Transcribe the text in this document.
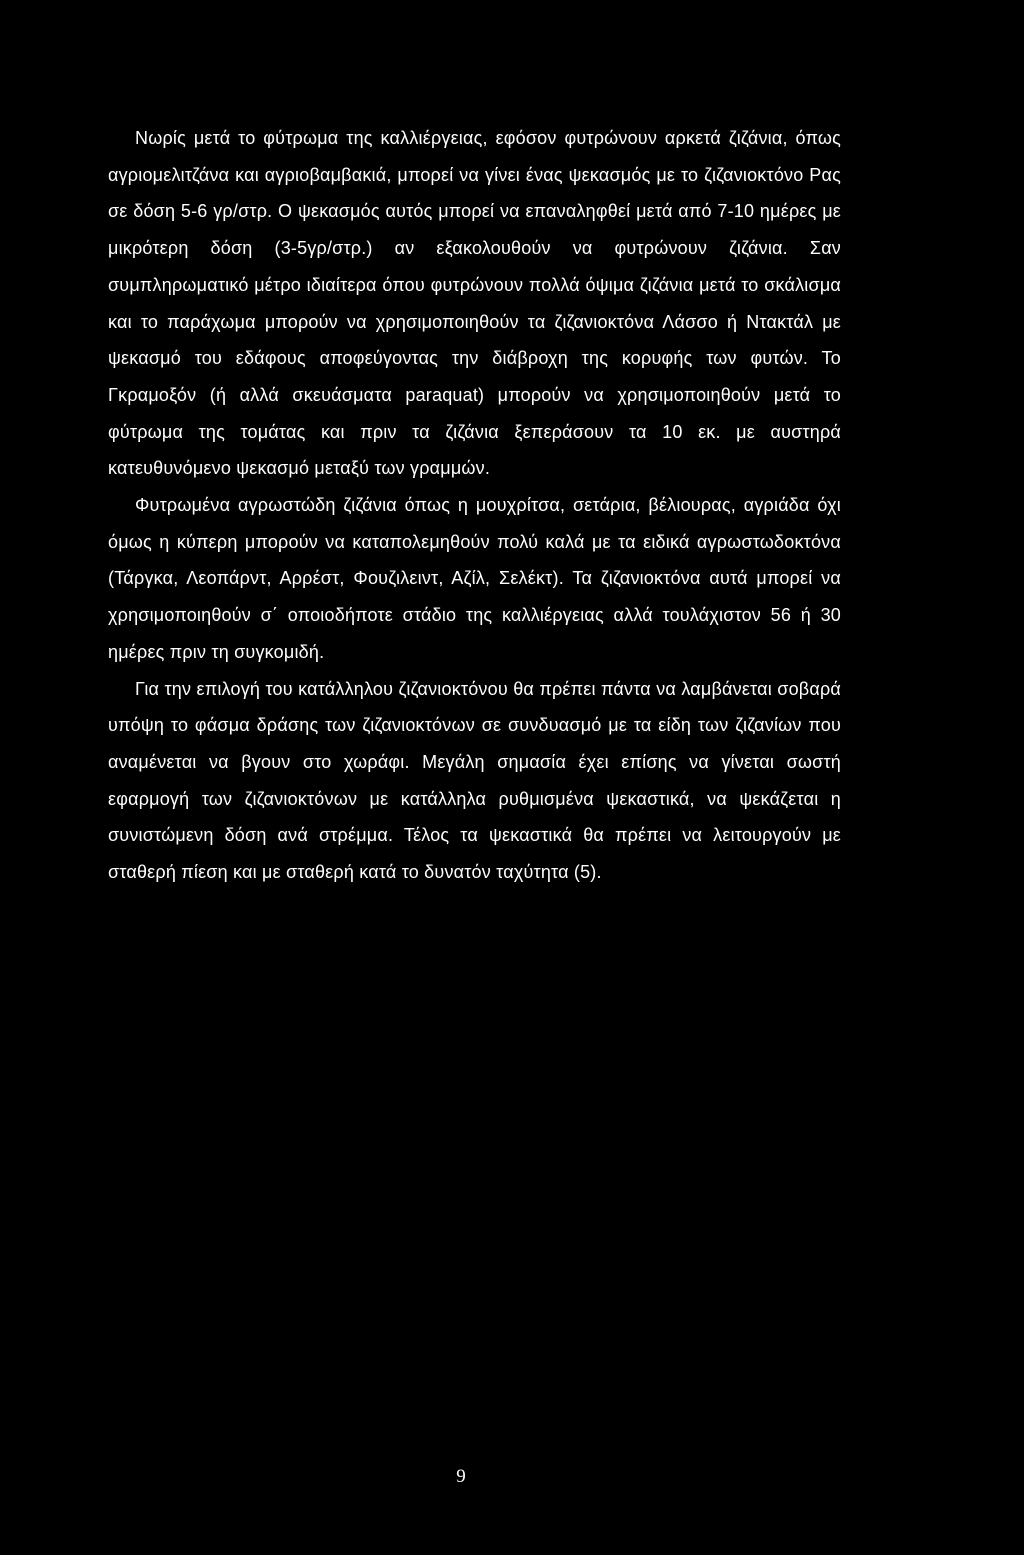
Νωρίς μετά το φύτρωμα της καλλιέργειας, εφόσον φυτρώνουν αρκετά ζιζάνια, όπως αγριομελιτζάνα και αγριοβαμβακιά, μπορεί να γίνει ένας ψεκασμός με το ζιζανιοκτόνο Ρας σε δόση 5-6 γρ/στρ. Ο ψεκασμός αυτός μπορεί να επαναληφθεί μετά από 7-10 ημέρες με μικρότερη δόση (3-5γρ/στρ.) αν εξακολουθούν να φυτρώνουν ζιζάνια. Σαν συμπληρωματικό μέτρο ιδιαίτερα όπου φυτρώνουν πολλά όψιμα ζιζάνια μετά το σκάλισμα και το παράχωμα μπορούν να χρησιμοποιηθούν τα ζιζανιοκτόνα Λάσσο ή Ντακτάλ με ψεκασμό του εδάφους αποφεύγοντας την διάβροχη της κορυφής των φυτών. Το Γκραμοξόν (ή αλλά σκευάσματα paraquat) μπορούν να χρησιμοποιηθούν μετά το φύτρωμα της τομάτας και πριν τα ζιζάνια ξεπεράσουν τα 10 εκ. με αυστηρά κατευθυνόμενο ψεκασμό μεταξύ των γραμμών.

Φυτρωμένα αγρωστώδη ζιζάνια όπως η μουχρίτσα, σετάρια, βέλιουρας, αγριάδα όχι όμως η κύπερη μπορούν να καταπολεμηθούν πολύ καλά με τα ειδικά αγρωστωδοκτόνα (Τάργκα, Λεοπάρντ, Αρρέστ, Φουζιλειντ, Αζίλ, Σελέκτ). Τα ζιζανιοκτόνα αυτά μπορεί να χρησιμοποιηθούν σ΄ οποιοδήποτε στάδιο της καλλιέργειας αλλά τουλάχιστον 56 ή 30 ημέρες πριν τη συγκομιδή.

Για την επιλογή του κατάλληλου ζιζανιοκτόνου θα πρέπει πάντα να λαμβάνεται σοβαρά υπόψη το φάσμα δράσης των ζιζανιοκτόνων σε συνδυασμό με τα είδη των ζιζανίων που αναμένεται να βγουν στο χωράφι. Μεγάλη σημασία έχει επίσης να γίνεται σωστή εφαρμογή των ζιζανιοκτόνων με κατάλληλα ρυθμισμένα ψεκαστικά, να ψεκάζεται η συνιστώμενη δόση ανά στρέμμα. Τέλος τα ψεκαστικά θα πρέπει να λειτουργούν με σταθερή πίεση και με σταθερή κατά το δυνατόν ταχύτητα (5).

9
